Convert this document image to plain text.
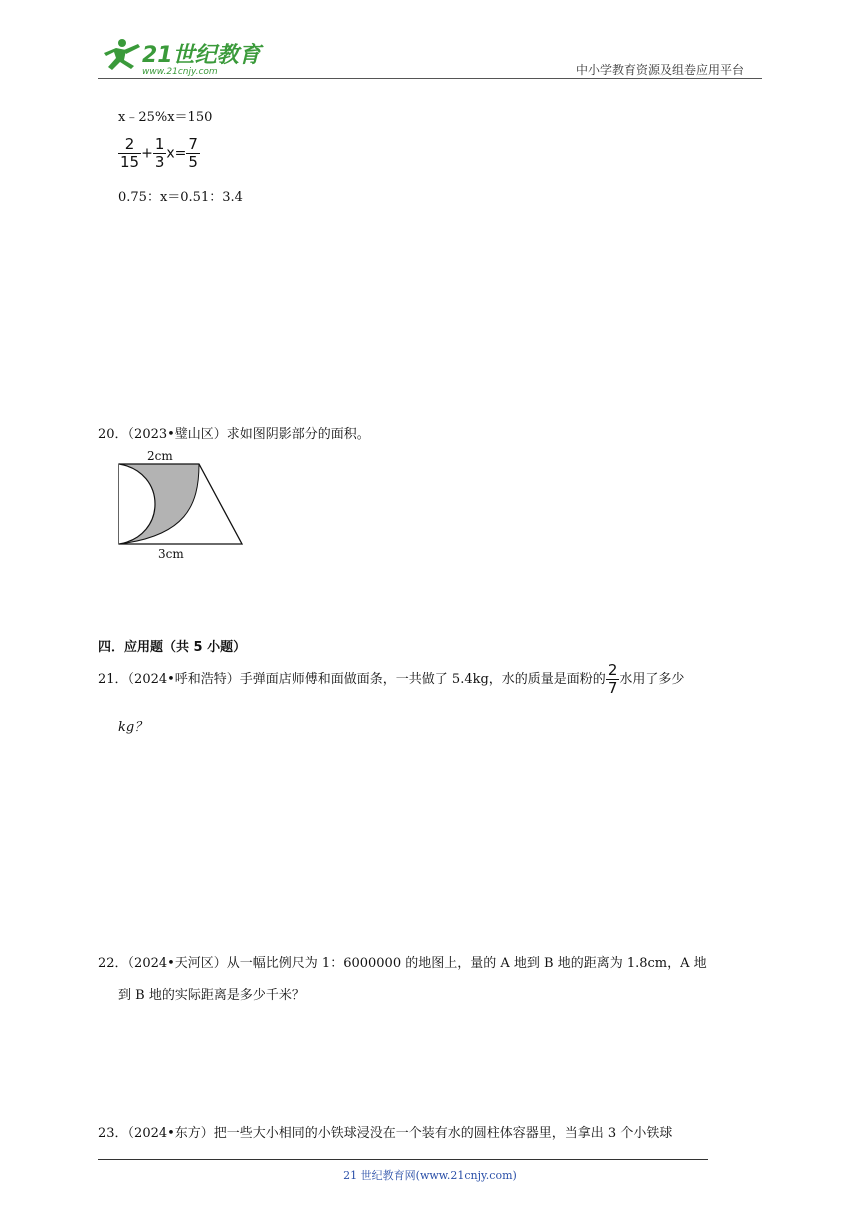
21世纪教育
www.21cnjy.com	中小学教育资源及组卷应用平台
x﹣25%x＝150
$\frac{2}{15} + \frac{1}{3} x= \frac{7}{5}$
0.75：x＝0.51：3.4
20．（2023•璧山区）求如图阴影部分的面积。
2cm
3cm
四．应用题（共 5 小题）
21．（2024•呼和浩特）手弹面店师傅和面做面条，一共做了 5.4kg，水的质量是面粉的 $\frac{2}{7}$ 水用了多少
kg？
22．（2024•天河区）从一幅比例尺为 1：6000000 的地图上，量的 A 地到 B 地的距离为 1.8cm，A 地
到 B 地的实际距离是多少千米？
23．（2024•东方）把一些大小相同的小铁球浸没在一个装有水的圆柱体容器里，当拿出 3 个小铁球
21 世纪教育网(www.21cnjy.com)
